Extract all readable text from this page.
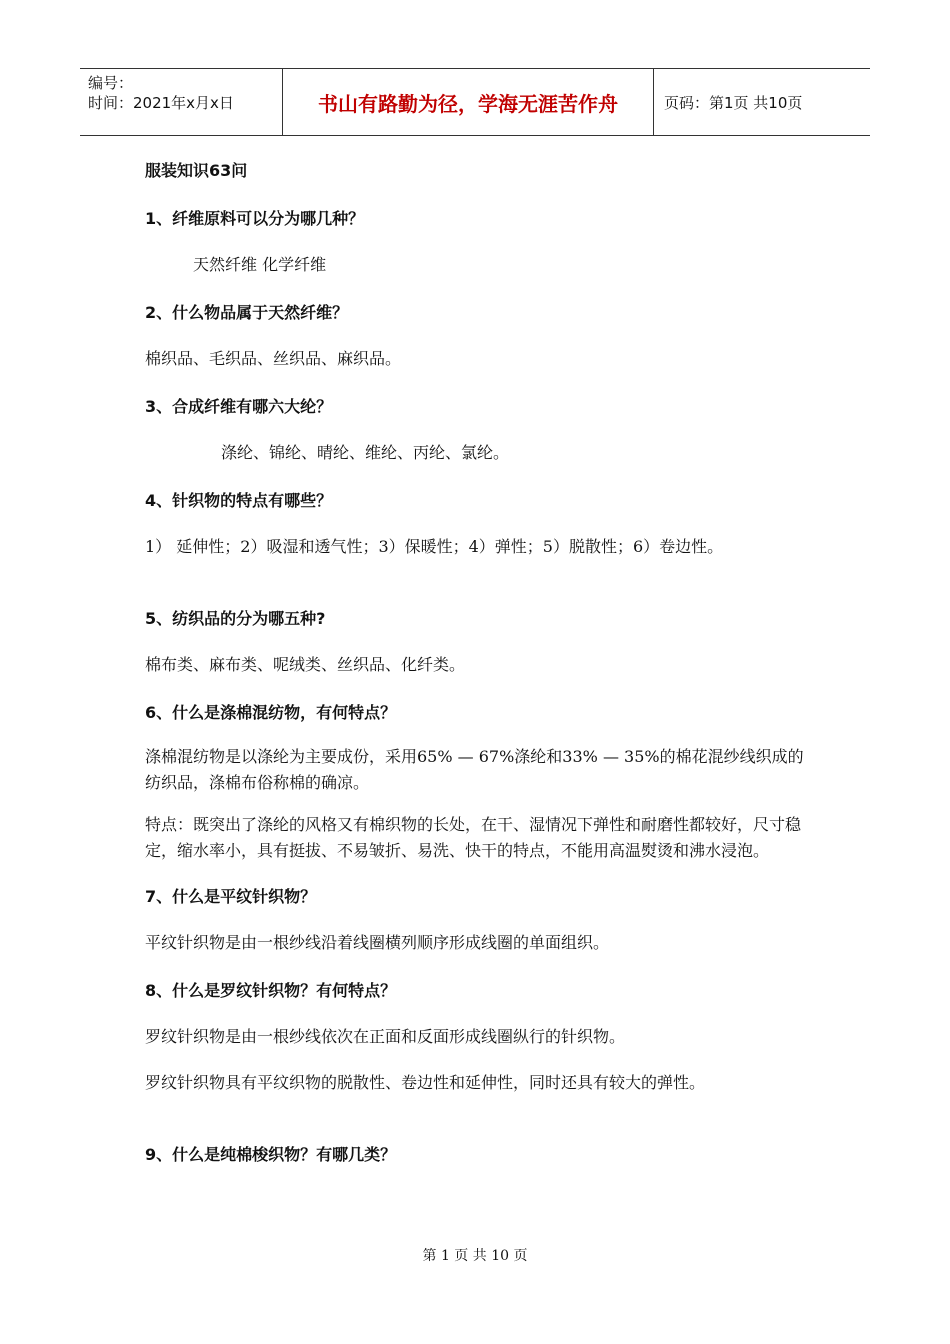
编号：
时间：2021年x月x日	书山有路勤为径，学海无涯苦作舟	页码：第1页 共10页

服装知识63问

1、纤维原料可以分为哪几种？

天然纤维 化学纤维

2、什么物品属于天然纤维？

棉织品、毛织品、丝织品、麻织品。

3、合成纤维有哪六大纶？

涤纶、锦纶、晴纶、维纶、丙纶、氯纶。

4、针织物的特点有哪些？

1） 延伸性；2）吸湿和透气性；3）保暖性；4）弹性；5）脱散性；6）卷边性。

5、纺织品的分为哪五种?

棉布类、麻布类、呢绒类、丝织品、化纤类。

6、什么是涤棉混纺物，有何特点？

涤棉混纺物是以涤纶为主要成份，采用65% — 67%涤纶和33% — 35%的棉花混纱线织成的纺织品，涤棉布俗称棉的确凉。

特点：既突出了涤纶的风格又有棉织物的长处，在干、湿情况下弹性和耐磨性都较好，尺寸稳定，缩水率小，具有挺拔、不易皱折、易洗、快干的特点，不能用高温熨烫和沸水浸泡。

7、什么是平纹针织物？

平纹针织物是由一根纱线沿着线圈横列顺序形成线圈的单面组织。

8、什么是罗纹针织物？有何特点？

罗纹针织物是由一根纱线依次在正面和反面形成线圈纵行的针织物。

罗纹针织物具有平纹织物的脱散性、卷边性和延伸性，同时还具有较大的弹性。

9、什么是纯棉梭织物？有哪几类？

第 1 页 共 10 页
